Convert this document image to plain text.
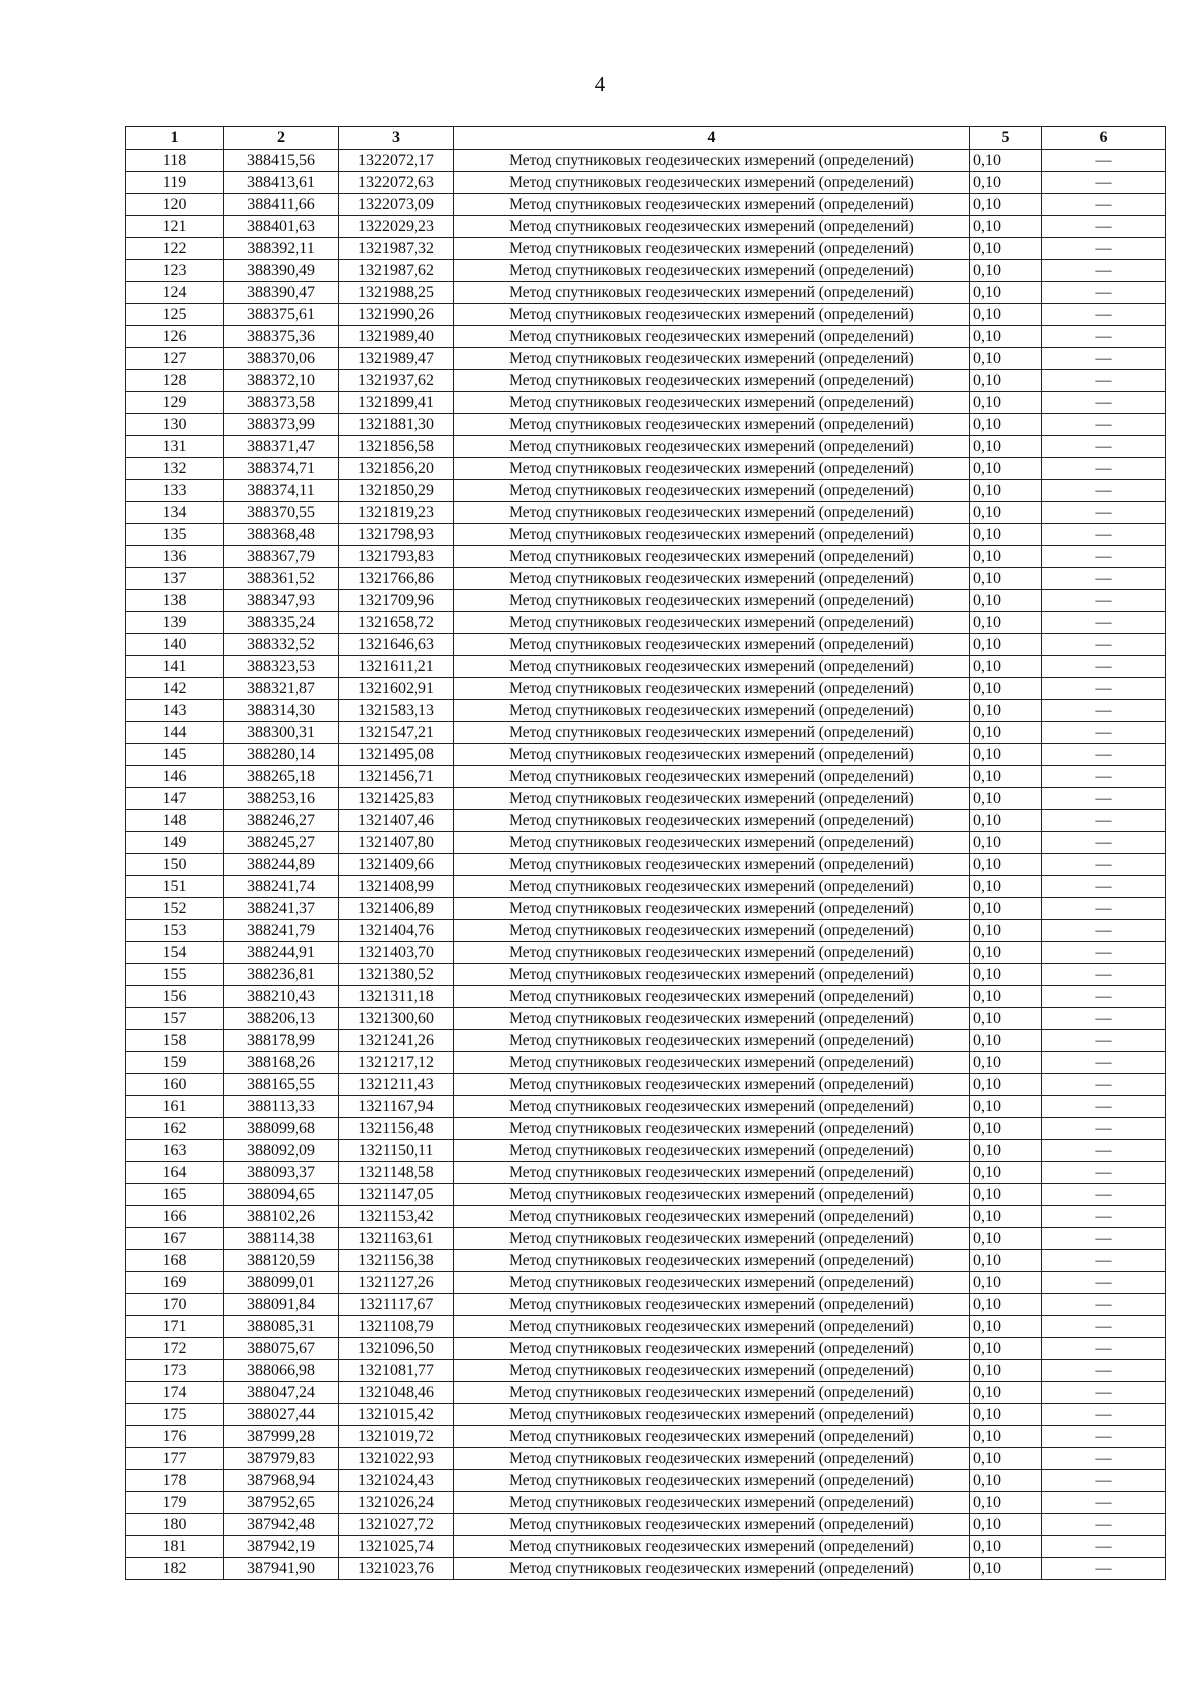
4
1	2	3	4	5	6
118	388415,56	1322072,17	Метод спутниковых геодезических измерений (определений)	0,10	—
119	388413,61	1322072,63	Метод спутниковых геодезических измерений (определений)	0,10	—
120	388411,66	1322073,09	Метод спутниковых геодезических измерений (определений)	0,10	—
121	388401,63	1322029,23	Метод спутниковых геодезических измерений (определений)	0,10	—
122	388392,11	1321987,32	Метод спутниковых геодезических измерений (определений)	0,10	—
123	388390,49	1321987,62	Метод спутниковых геодезических измерений (определений)	0,10	—
124	388390,47	1321988,25	Метод спутниковых геодезических измерений (определений)	0,10	—
125	388375,61	1321990,26	Метод спутниковых геодезических измерений (определений)	0,10	—
126	388375,36	1321989,40	Метод спутниковых геодезических измерений (определений)	0,10	—
127	388370,06	1321989,47	Метод спутниковых геодезических измерений (определений)	0,10	—
128	388372,10	1321937,62	Метод спутниковых геодезических измерений (определений)	0,10	—
129	388373,58	1321899,41	Метод спутниковых геодезических измерений (определений)	0,10	—
130	388373,99	1321881,30	Метод спутниковых геодезических измерений (определений)	0,10	—
131	388371,47	1321856,58	Метод спутниковых геодезических измерений (определений)	0,10	—
132	388374,71	1321856,20	Метод спутниковых геодезических измерений (определений)	0,10	—
133	388374,11	1321850,29	Метод спутниковых геодезических измерений (определений)	0,10	—
134	388370,55	1321819,23	Метод спутниковых геодезических измерений (определений)	0,10	—
135	388368,48	1321798,93	Метод спутниковых геодезических измерений (определений)	0,10	—
136	388367,79	1321793,83	Метод спутниковых геодезических измерений (определений)	0,10	—
137	388361,52	1321766,86	Метод спутниковых геодезических измерений (определений)	0,10	—
138	388347,93	1321709,96	Метод спутниковых геодезических измерений (определений)	0,10	—
139	388335,24	1321658,72	Метод спутниковых геодезических измерений (определений)	0,10	—
140	388332,52	1321646,63	Метод спутниковых геодезических измерений (определений)	0,10	—
141	388323,53	1321611,21	Метод спутниковых геодезических измерений (определений)	0,10	—
142	388321,87	1321602,91	Метод спутниковых геодезических измерений (определений)	0,10	—
143	388314,30	1321583,13	Метод спутниковых геодезических измерений (определений)	0,10	—
144	388300,31	1321547,21	Метод спутниковых геодезических измерений (определений)	0,10	—
145	388280,14	1321495,08	Метод спутниковых геодезических измерений (определений)	0,10	—
146	388265,18	1321456,71	Метод спутниковых геодезических измерений (определений)	0,10	—
147	388253,16	1321425,83	Метод спутниковых геодезических измерений (определений)	0,10	—
148	388246,27	1321407,46	Метод спутниковых геодезических измерений (определений)	0,10	—
149	388245,27	1321407,80	Метод спутниковых геодезических измерений (определений)	0,10	—
150	388244,89	1321409,66	Метод спутниковых геодезических измерений (определений)	0,10	—
151	388241,74	1321408,99	Метод спутниковых геодезических измерений (определений)	0,10	—
152	388241,37	1321406,89	Метод спутниковых геодезических измерений (определений)	0,10	—
153	388241,79	1321404,76	Метод спутниковых геодезических измерений (определений)	0,10	—
154	388244,91	1321403,70	Метод спутниковых геодезических измерений (определений)	0,10	—
155	388236,81	1321380,52	Метод спутниковых геодезических измерений (определений)	0,10	—
156	388210,43	1321311,18	Метод спутниковых геодезических измерений (определений)	0,10	—
157	388206,13	1321300,60	Метод спутниковых геодезических измерений (определений)	0,10	—
158	388178,99	1321241,26	Метод спутниковых геодезических измерений (определений)	0,10	—
159	388168,26	1321217,12	Метод спутниковых геодезических измерений (определений)	0,10	—
160	388165,55	1321211,43	Метод спутниковых геодезических измерений (определений)	0,10	—
161	388113,33	1321167,94	Метод спутниковых геодезических измерений (определений)	0,10	—
162	388099,68	1321156,48	Метод спутниковых геодезических измерений (определений)	0,10	—
163	388092,09	1321150,11	Метод спутниковых геодезических измерений (определений)	0,10	—
164	388093,37	1321148,58	Метод спутниковых геодезических измерений (определений)	0,10	—
165	388094,65	1321147,05	Метод спутниковых геодезических измерений (определений)	0,10	—
166	388102,26	1321153,42	Метод спутниковых геодезических измерений (определений)	0,10	—
167	388114,38	1321163,61	Метод спутниковых геодезических измерений (определений)	0,10	—
168	388120,59	1321156,38	Метод спутниковых геодезических измерений (определений)	0,10	—
169	388099,01	1321127,26	Метод спутниковых геодезических измерений (определений)	0,10	—
170	388091,84	1321117,67	Метод спутниковых геодезических измерений (определений)	0,10	—
171	388085,31	1321108,79	Метод спутниковых геодезических измерений (определений)	0,10	—
172	388075,67	1321096,50	Метод спутниковых геодезических измерений (определений)	0,10	—
173	388066,98	1321081,77	Метод спутниковых геодезических измерений (определений)	0,10	—
174	388047,24	1321048,46	Метод спутниковых геодезических измерений (определений)	0,10	—
175	388027,44	1321015,42	Метод спутниковых геодезических измерений (определений)	0,10	—
176	387999,28	1321019,72	Метод спутниковых геодезических измерений (определений)	0,10	—
177	387979,83	1321022,93	Метод спутниковых геодезических измерений (определений)	0,10	—
178	387968,94	1321024,43	Метод спутниковых геодезических измерений (определений)	0,10	—
179	387952,65	1321026,24	Метод спутниковых геодезических измерений (определений)	0,10	—
180	387942,48	1321027,72	Метод спутниковых геодезических измерений (определений)	0,10	—
181	387942,19	1321025,74	Метод спутниковых геодезических измерений (определений)	0,10	—
182	387941,90	1321023,76	Метод спутниковых геодезических измерений (определений)	0,10	—
